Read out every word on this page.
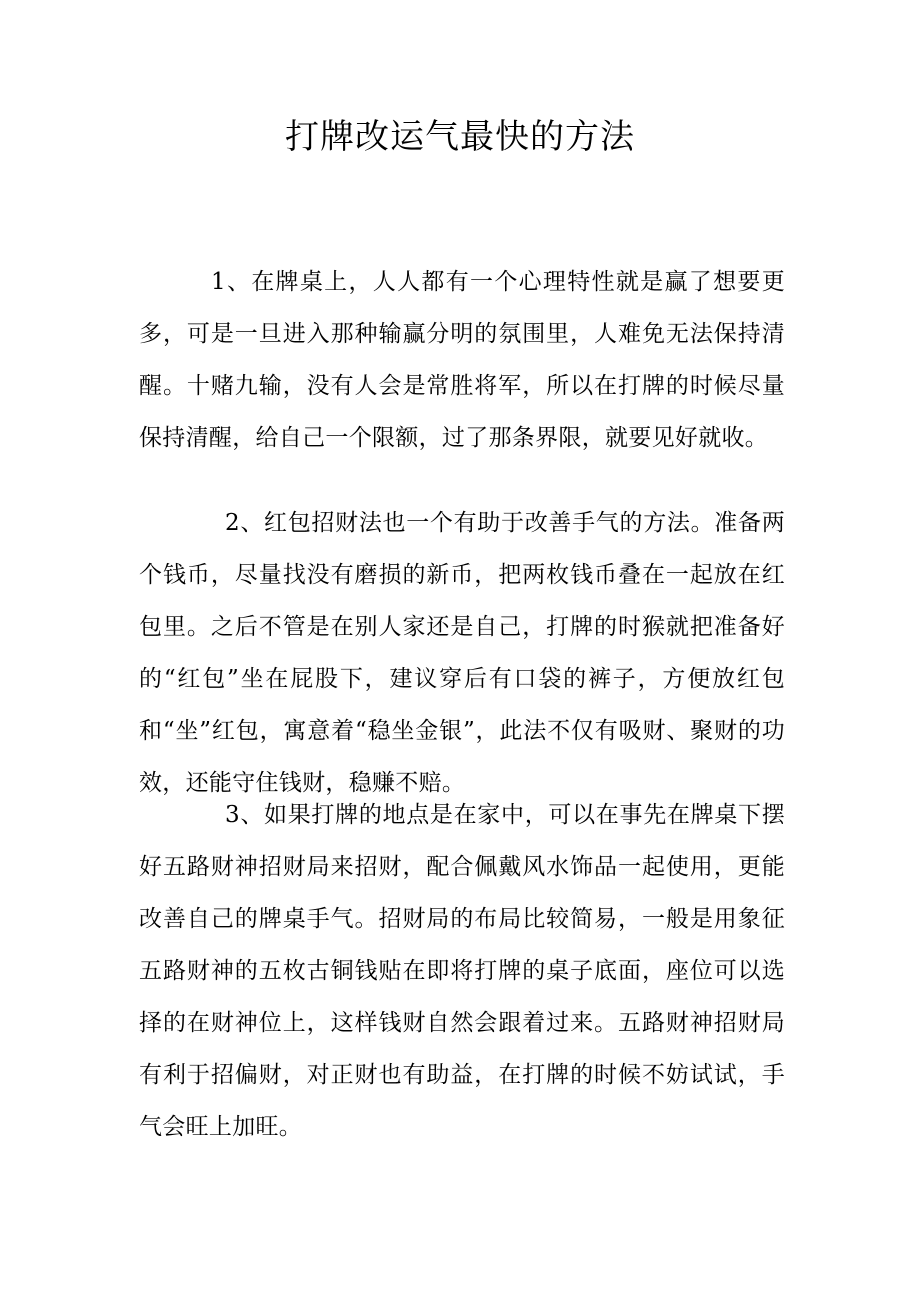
打牌改运气最快的方法

1、在牌桌上，人人都有一个心理特性就是赢了想要更多，可是一旦进入那种输赢分明的氛围里，人难免无法保持清醒。十赌九输，没有人会是常胜将军，所以在打牌的时候尽量保持清醒，给自己一个限额，过了那条界限，就要见好就收。

2、红包招财法也一个有助于改善手气的方法。准备两个钱币，尽量找没有磨损的新币，把两枚钱币叠在一起放在红包里。之后不管是在别人家还是自己，打牌的时猴就把准备好的“红包”坐在屁股下，建议穿后有口袋的裤子，方便放红包和“坐”红包，寓意着“稳坐金银”，此法不仅有吸财、聚财的功效，还能守住钱财，稳赚不赔。

3、如果打牌的地点是在家中，可以在事先在牌桌下摆好五路财神招财局来招财，配合佩戴风水饰品一起使用，更能改善自己的牌桌手气。招财局的布局比较简易，一般是用象征五路财神的五枚古铜钱贴在即将打牌的桌子底面，座位可以选择的在财神位上，这样钱财自然会跟着过来。五路财神招财局有利于招偏财，对正财也有助益，在打牌的时候不妨试试，手气会旺上加旺。
